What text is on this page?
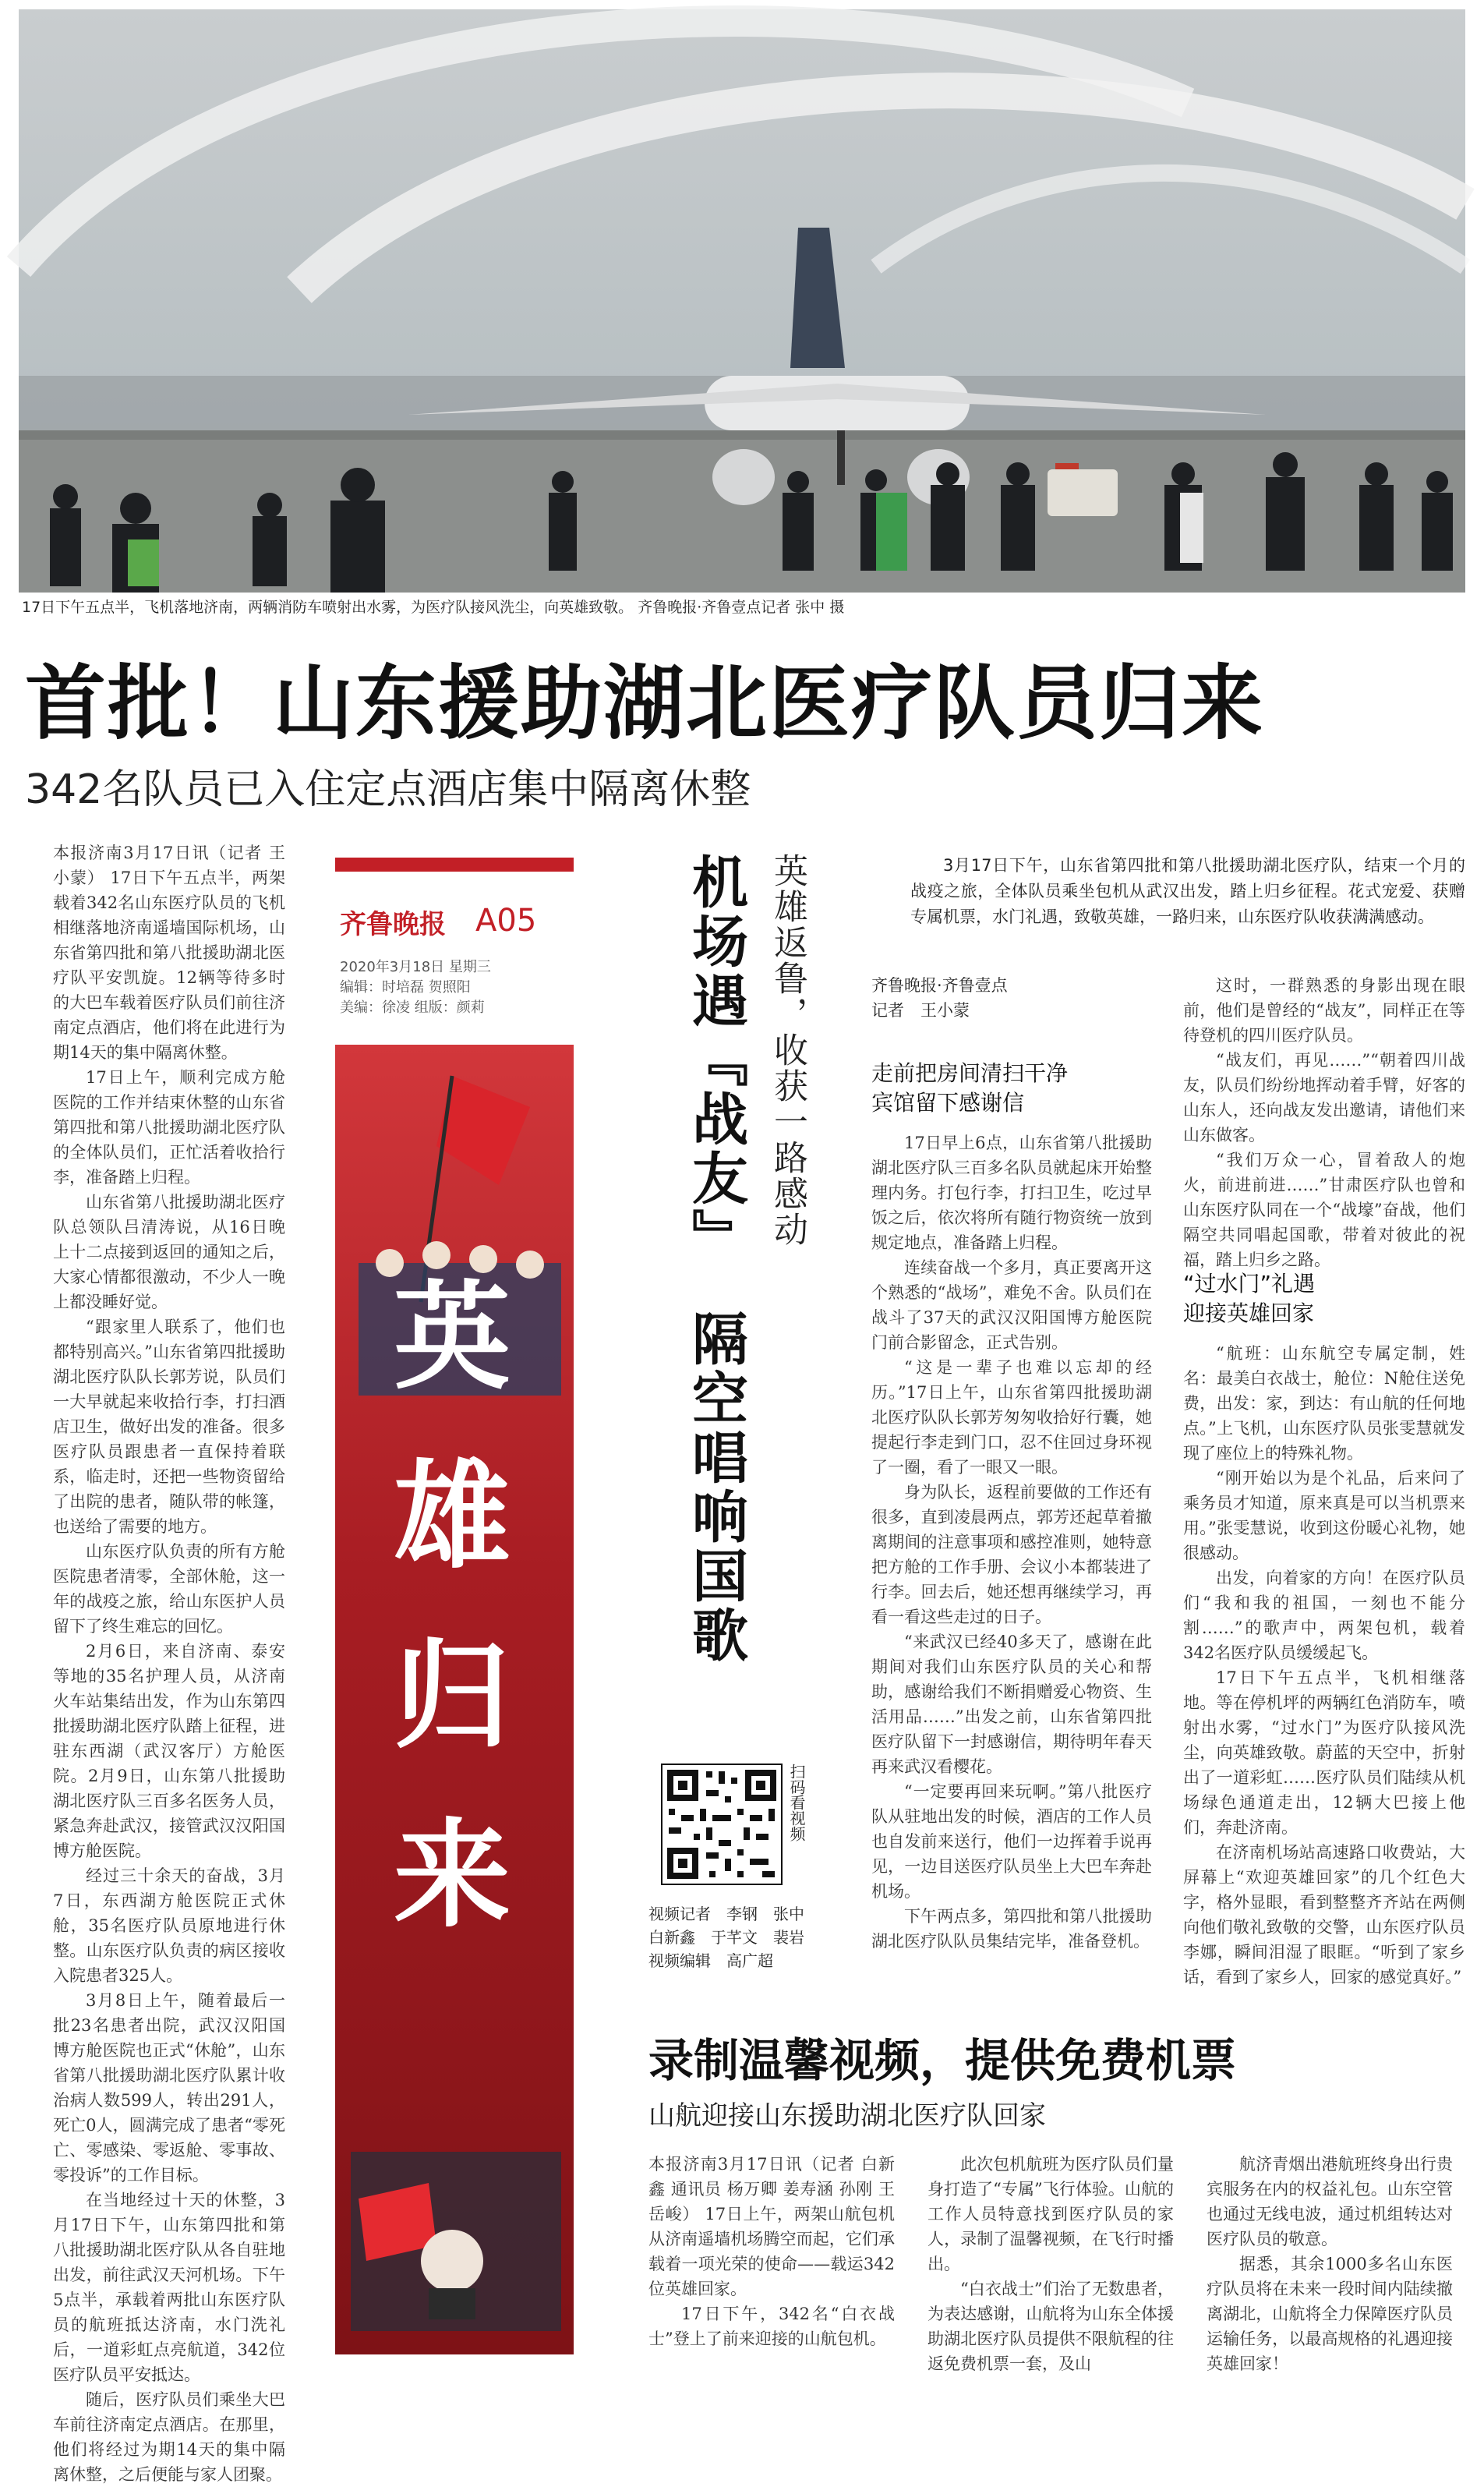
17日下午五点半，飞机落地济南，两辆消防车喷射出水雾，为医疗队接风洗尘，向英雄致敬。 齐鲁晚报·齐鲁壹点记者 张中 摄
首批！山东援助湖北医疗队员归来
342名队员已入住定点酒店集中隔离休整

本报济南3月17日讯（记者 王小蒙） 17日下午五点半，两架载着342名山东医疗队员的飞机相继落地济南遥墙国际机场，山东省第四批和第八批援助湖北医疗队平安凯旋。12辆等待多时的大巴车载着医疗队员们前往济南定点酒店，他们将在此进行为期14天的集中隔离休整。

17日上午，顺利完成方舱医院的工作并结束休整的山东省第四批和第八批援助湖北医疗队的全体队员们，正忙活着收拾行李，准备踏上归程。

山东省第八批援助湖北医疗队总领队吕清涛说，从16日晚上十二点接到返回的通知之后，大家心情都很激动，不少人一晚上都没睡好觉。

“跟家里人联系了，他们也都特别高兴。”山东省第四批援助湖北医疗队队长郭芳说，队员们一大早就起来收拾行李，打扫酒店卫生，做好出发的准备。很多医疗队员跟患者一直保持着联系，临走时，还把一些物资留给了出院的患者，随队带的帐篷，也送给了需要的地方。

山东医疗队负责的所有方舱医院患者清零，全部休舱，这一年的战疫之旅，给山东医护人员留下了终生难忘的回忆。

2月6日，来自济南、泰安等地的35名护理人员，从济南火车站集结出发，作为山东第四批援助湖北医疗队踏上征程，进驻东西湖（武汉客厅）方舱医院。2月9日，山东第八批援助湖北医疗队三百多名医务人员，紧急奔赴武汉，接管武汉汉阳国博方舱医院。

经过三十余天的奋战，3月7日，东西湖方舱医院正式休舱，35名医疗队员原地进行休整。山东医疗队负责的病区接收入院患者325人。

3月8日上午，随着最后一批23名患者出院，武汉汉阳国博方舱医院也正式“休舱”，山东省第八批援助湖北医疗队累计收治病人数599人，转出291人，死亡0人，圆满完成了患者“零死亡、零感染、零返舱、零事故、零投诉”的工作目标。

在当地经过十天的休整，3月17日下午，山东第四批和第八批援助湖北医疗队从各自驻地出发，前往武汉天河机场。下午5点半，承载着两批山东医疗队员的航班抵达济南，水门洗礼后，一道彩虹点亮航道，342位医疗队员平安抵达。

随后，医疗队员们乘坐大巴车前往济南定点酒店。在那里，他们将经过为期14天的集中隔离休整，之后便能与家人团聚。

齐鲁晚报 A05
2020年3月18日 星期三
编辑：时培磊 贺照阳
美编：徐凌 组版：颜莉
英雄归来
英雄返鲁，收获一路感动
机场遇『战友』
隔空唱响国歌
扫码看视频
视频记者　李钢　张中
白新鑫　于芊文　裴岩
视频编辑　高广超
3月17日下午，山东省第四批和第八批援助湖北医疗队，结束一个月的战疫之旅，全体队员乘坐包机从武汉出发，踏上归乡征程。花式宠爱、获赠专属机票，水门礼遇，致敬英雄，一路归来，山东医疗队收获满满感动。
齐鲁晚报·齐鲁壹点
记者　王小蒙
走前把房间清扫干净
宾馆留下感谢信

17日早上6点，山东省第八批援助湖北医疗队三百多名队员就起床开始整理内务。打包行李，打扫卫生，吃过早饭之后，依次将所有随行物资统一放到规定地点，准备踏上归程。

连续奋战一个多月，真正要离开这个熟悉的“战场”，难免不舍。队员们在战斗了37天的武汉汉阳国博方舱医院门前合影留念，正式告别。

“这是一辈子也难以忘却的经历。”17日上午，山东省第四批援助湖北医疗队队长郭芳匆匆收拾好行囊，她提起行李走到门口，忍不住回过身环视了一圈，看了一眼又一眼。

身为队长，返程前要做的工作还有很多，直到凌晨两点，郭芳还起草着撤离期间的注意事项和感控准则，她特意把方舱的工作手册、会议小本都装进了行李。回去后，她还想再继续学习，再看一看这些走过的日子。

“来武汉已经40多天了，感谢在此期间对我们山东医疗队员的关心和帮助，感谢给我们不断捐赠爱心物资、生活用品……”出发之前，山东省第四批医疗队留下一封感谢信，期待明年春天再来武汉看樱花。

“一定要再回来玩啊。”第八批医疗队从驻地出发的时候，酒店的工作人员也自发前来送行，他们一边挥着手说再见，一边目送医疗队员坐上大巴车奔赴机场。

下午两点多，第四批和第八批援助湖北医疗队队员集结完毕，准备登机。

这时，一群熟悉的身影出现在眼前，他们是曾经的“战友”，同样正在等待登机的四川医疗队员。

“战友们，再见……”“朝着四川战友，队员们纷纷地挥动着手臂，好客的山东人，还向战友发出邀请，请他们来山东做客。

“我们万众一心，冒着敌人的炮火，前进前进……”甘肃医疗队也曾和山东医疗队同在一个“战壕”奋战，他们隔空共同唱起国歌，带着对彼此的祝福，踏上归乡之路。

“过水门”礼遇
迎接英雄回家

“航班：山东航空专属定制，姓名：最美白衣战士，舱位：N舱住送免费，出发：家，到达：有山航的任何地点。”上飞机，山东医疗队员张雯慧就发现了座位上的特殊礼物。

“刚开始以为是个礼品，后来问了乘务员才知道，原来真是可以当机票来用。”张雯慧说，收到这份暖心礼物，她很感动。

出发，向着家的方向！在医疗队员们“我和我的祖国，一刻也不能分割……”的歌声中，两架包机，载着342名医疗队员缓缓起飞。

17日下午五点半，飞机相继落地。等在停机坪的两辆红色消防车，喷射出水雾，“过水门”为医疗队接风洗尘，向英雄致敬。蔚蓝的天空中，折射出了一道彩虹……医疗队员们陆续从机场绿色通道走出，12辆大巴接上他们，奔赴济南。

在济南机场站高速路口收费站，大屏幕上“欢迎英雄回家”的几个红色大字，格外显眼，看到整整齐齐站在两侧向他们敬礼致敬的交警，山东医疗队员李娜，瞬间泪湿了眼眶。“听到了家乡话，看到了家乡人，回家的感觉真好。”

录制温馨视频，提供免费机票
山航迎接山东援助湖北医疗队回家

本报济南3月17日讯（记者 白新鑫 通讯员 杨万卿 姜寿涵 孙刚 王岳峻） 17日上午，两架山航包机从济南遥墙机场腾空而起，它们承载着一项光荣的使命——载运342位英雄回家。

17日下午，342名“白衣战士”登上了前来迎接的山航包机。

此次包机航班为医疗队员们量身打造了“专属”飞行体验。山航的工作人员特意找到医疗队员的家人，录制了温馨视频，在飞行时播出。

“白衣战士”们治了无数患者，为表达感谢，山航将为山东全体援助湖北医疗队员提供不限航程的往返免费机票一套，及山

航济青烟出港航班终身出行贵宾服务在内的权益礼包。山东空管也通过无线电波，通过机组转达对医疗队员的敬意。

据悉，其余1000多名山东医疗队员将在未来一段时间内陆续撤离湖北，山航将全力保障医疗队员运输任务，以最高规格的礼遇迎接英雄回家！
